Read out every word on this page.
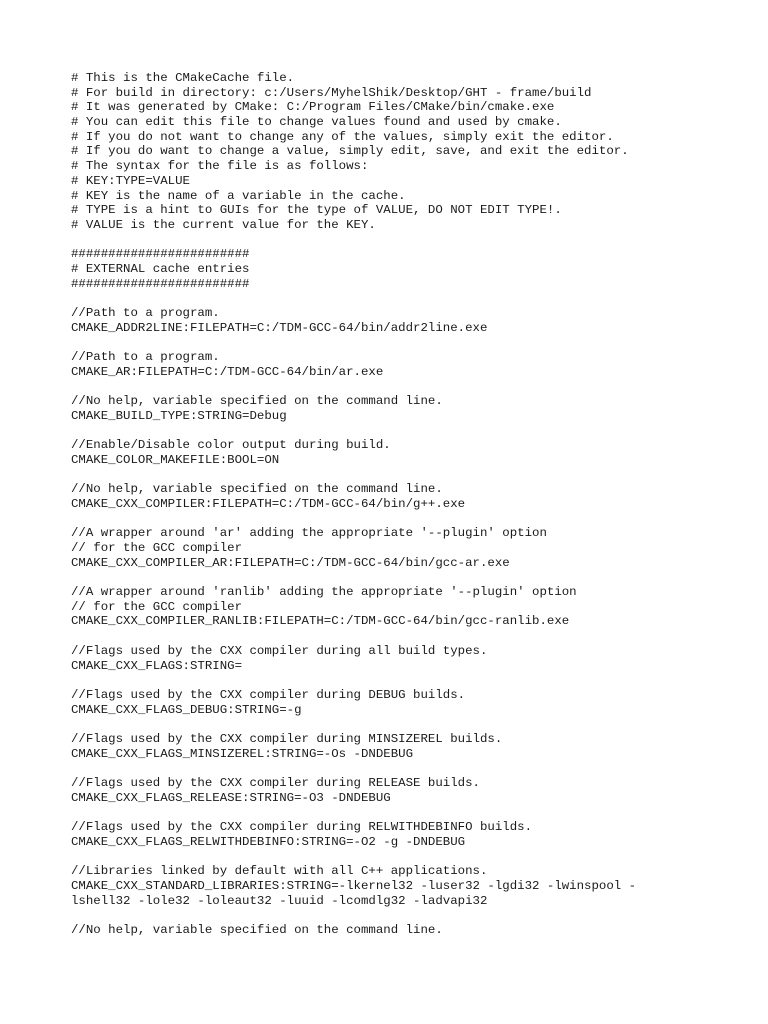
# This is the CMakeCache file.
# For build in directory: c:/Users/MyhelShik/Desktop/GHT - frame/build
# It was generated by CMake: C:/Program Files/CMake/bin/cmake.exe
# You can edit this file to change values found and used by cmake.
# If you do not want to change any of the values, simply exit the editor.
# If you do want to change a value, simply edit, save, and exit the editor.
# The syntax for the file is as follows:
# KEY:TYPE=VALUE
# KEY is the name of a variable in the cache.
# TYPE is a hint to GUIs for the type of VALUE, DO NOT EDIT TYPE!.
# VALUE is the current value for the KEY.
########################
# EXTERNAL cache entries
########################
//Path to a program.
CMAKE_ADDR2LINE:FILEPATH=C:/TDM-GCC-64/bin/addr2line.exe
//Path to a program.
CMAKE_AR:FILEPATH=C:/TDM-GCC-64/bin/ar.exe
//No help, variable specified on the command line.
CMAKE_BUILD_TYPE:STRING=Debug
//Enable/Disable color output during build.
CMAKE_COLOR_MAKEFILE:BOOL=ON
//No help, variable specified on the command line.
CMAKE_CXX_COMPILER:FILEPATH=C:/TDM-GCC-64/bin/g++.exe
//A wrapper around 'ar' adding the appropriate '--plugin' option
// for the GCC compiler
CMAKE_CXX_COMPILER_AR:FILEPATH=C:/TDM-GCC-64/bin/gcc-ar.exe
//A wrapper around 'ranlib' adding the appropriate '--plugin' option
// for the GCC compiler
CMAKE_CXX_COMPILER_RANLIB:FILEPATH=C:/TDM-GCC-64/bin/gcc-ranlib.exe
//Flags used by the CXX compiler during all build types.
CMAKE_CXX_FLAGS:STRING=
//Flags used by the CXX compiler during DEBUG builds.
CMAKE_CXX_FLAGS_DEBUG:STRING=-g
//Flags used by the CXX compiler during MINSIZEREL builds.
CMAKE_CXX_FLAGS_MINSIZEREL:STRING=-Os -DNDEBUG
//Flags used by the CXX compiler during RELEASE builds.
CMAKE_CXX_FLAGS_RELEASE:STRING=-O3 -DNDEBUG
//Flags used by the CXX compiler during RELWITHDEBINFO builds.
CMAKE_CXX_FLAGS_RELWITHDEBINFO:STRING=-O2 -g -DNDEBUG
//Libraries linked by default with all C++ applications.
CMAKE_CXX_STANDARD_LIBRARIES:STRING=-lkernel32 -luser32 -lgdi32 -lwinspool -
lshell32 -lole32 -loleaut32 -luuid -lcomdlg32 -ladvapi32
//No help, variable specified on the command line.
